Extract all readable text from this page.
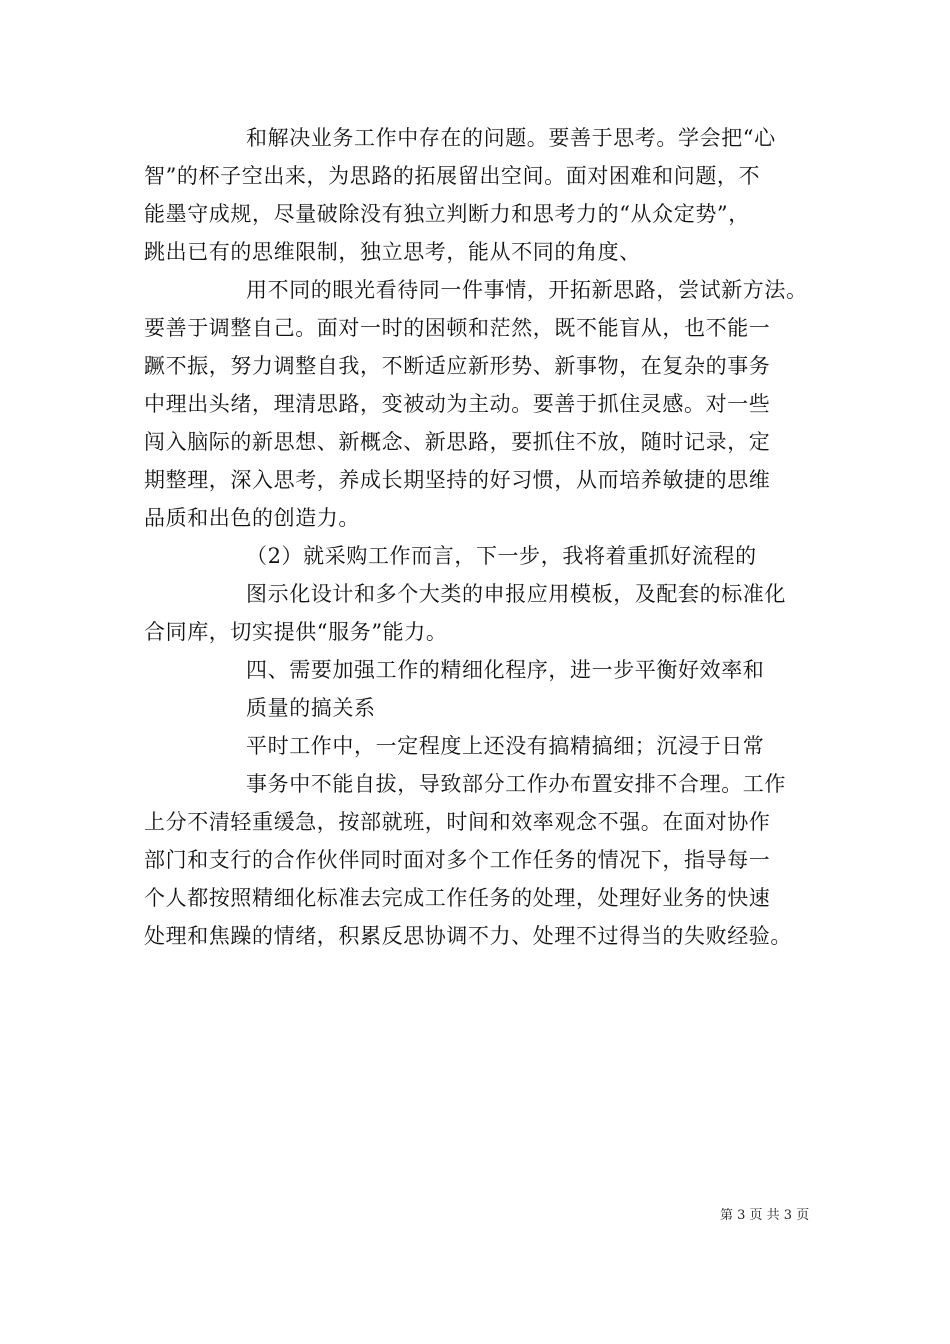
和解决业务工作中存在的问题。要善于思考。学会把“心
智”的杯子空出来，为思路的拓展留出空间。面对困难和问题，不
能墨守成规，尽量破除没有独立判断力和思考力的“从众定势”，
跳出已有的思维限制，独立思考，能从不同的角度、
用不同的眼光看待同一件事情，开拓新思路，尝试新方法。
要善于调整自己。面对一时的困顿和茫然，既不能盲从，也不能一
蹶不振，努力调整自我，不断适应新形势、新事物，在复杂的事务
中理出头绪，理清思路，变被动为主动。要善于抓住灵感。对一些
闯入脑际的新思想、新概念、新思路，要抓住不放，随时记录，定
期整理，深入思考，养成长期坚持的好习惯，从而培养敏捷的思维
品质和出色的创造力。
（2）就采购工作而言，下一步，我将着重抓好流程的
图示化设计和多个大类的申报应用模板，及配套的标准化
合同库，切实提供“服务”能力。
四、需要加强工作的精细化程序，进一步平衡好效率和
质量的搞关系
平时工作中，一定程度上还没有搞精搞细；沉浸于日常
事务中不能自拔，导致部分工作办布置安排不合理。工作
上分不清轻重缓急，按部就班，时间和效率观念不强。在面对协作
部门和支行的合作伙伴同时面对多个工作任务的情况下，指导每一
个人都按照精细化标准去完成工作任务的处理，处理好业务的快速
处理和焦躁的情绪，积累反思协调不力、处理不过得当的失败经验。
第 3 页 共 3 页
